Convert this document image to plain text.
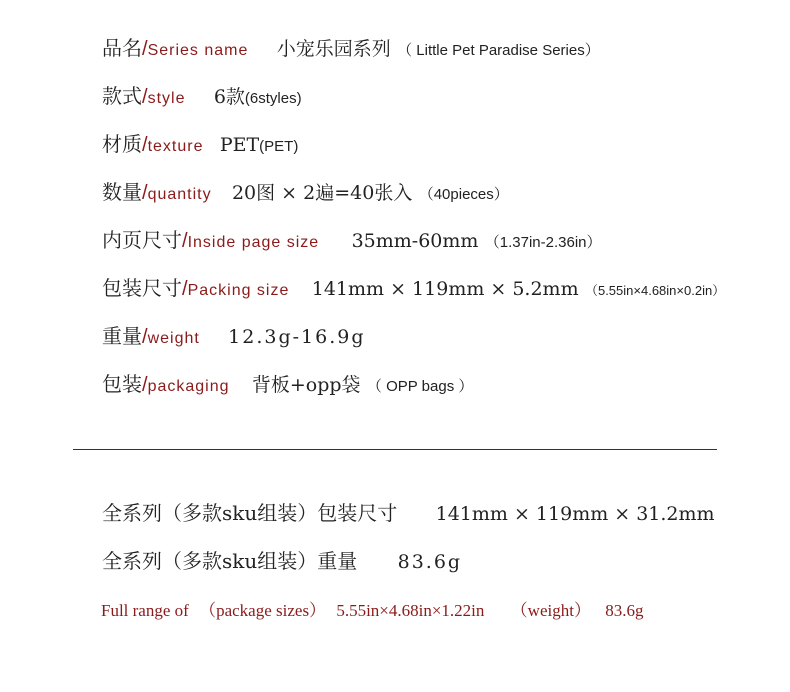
品名/Series name 小宠乐园系列 （ Little Pet Paradise Series）
款式/style 6款(6styles)
材质/texture PET(PET)
数量/quantity 20图 × 2遍=40张入 （40pieces）
内页尺寸/Inside page size 35mm-60mm （1.37in-2.36in）
包装尺寸/Packing size 141mm × 119mm × 5.2mm （5.55in×4.68in×0.2in）
重量/weight 12.3g-16.9g
包装/packaging 背板+opp袋 （ OPP bags ）
全系列（多款sku组装）包装尺寸 141mm × 119mm × 31.2mm
全系列（多款sku组装）重量 83.6g
Full range of （package sizes） 5.55in×4.68in×1.22in （weight） 83.6g
